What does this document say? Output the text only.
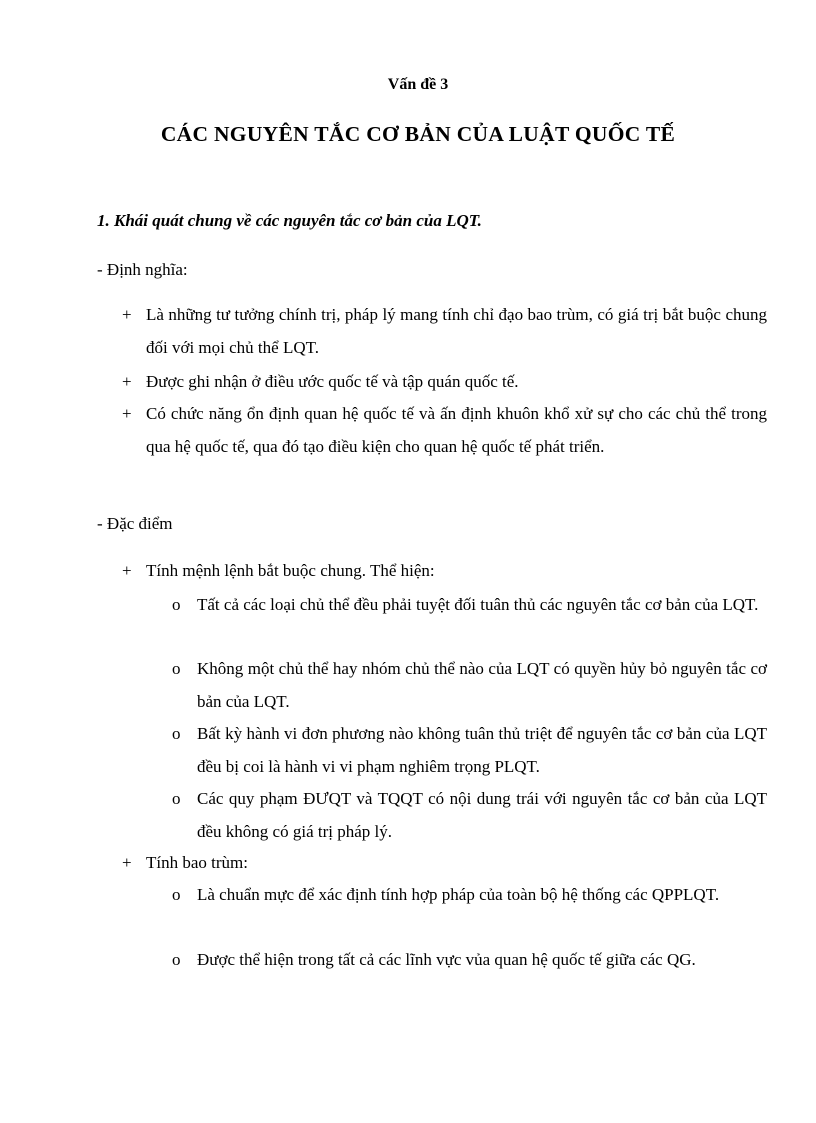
Vấn đề 3
CÁC NGUYÊN TẮC CƠ BẢN CỦA LUẬT QUỐC TẾ
1. Khái quát chung về các nguyên tắc cơ bản của LQT.
- Định nghĩa:
+ Là những tư tưởng chính trị, pháp lý mang tính chỉ đạo bao trùm, có giá trị bắt buộc chung đối với mọi chủ thể LQT.
+ Được ghi nhận ở điều ước quốc tế và tập quán quốc tế.
+ Có chức năng ổn định quan hệ quốc tế và ấn định khuôn khổ xử sự cho các chủ thể trong qua hệ quốc tế, qua đó tạo điều kiện cho quan hệ quốc tế phát triển.
- Đặc điểm
+ Tính mệnh lệnh bắt buộc chung. Thể hiện:
o Tất cả các loại chủ thể đều phải tuyệt đối tuân thủ các nguyên tắc cơ bản của LQT.
o Không một chủ thể hay nhóm chủ thể nào của LQT có quyền hủy bỏ nguyên tắc cơ bản của LQT.
o Bất kỳ hành vi đơn phương nào không tuân thủ triệt để nguyên tắc cơ bản của LQT đều bị coi là hành vi vi phạm nghiêm trọng PLQT.
o Các quy phạm ĐƯQT và TQQT có nội dung trái với nguyên tắc cơ bản của LQT đều không có giá trị pháp lý.
+ Tính bao trùm:
o Là chuẩn mực để xác định tính hợp pháp của toàn bộ hệ thống các QPPLQT.
o Được thể hiện trong tất cả các lĩnh vực vủa quan hệ quốc tế giữa các QG.
